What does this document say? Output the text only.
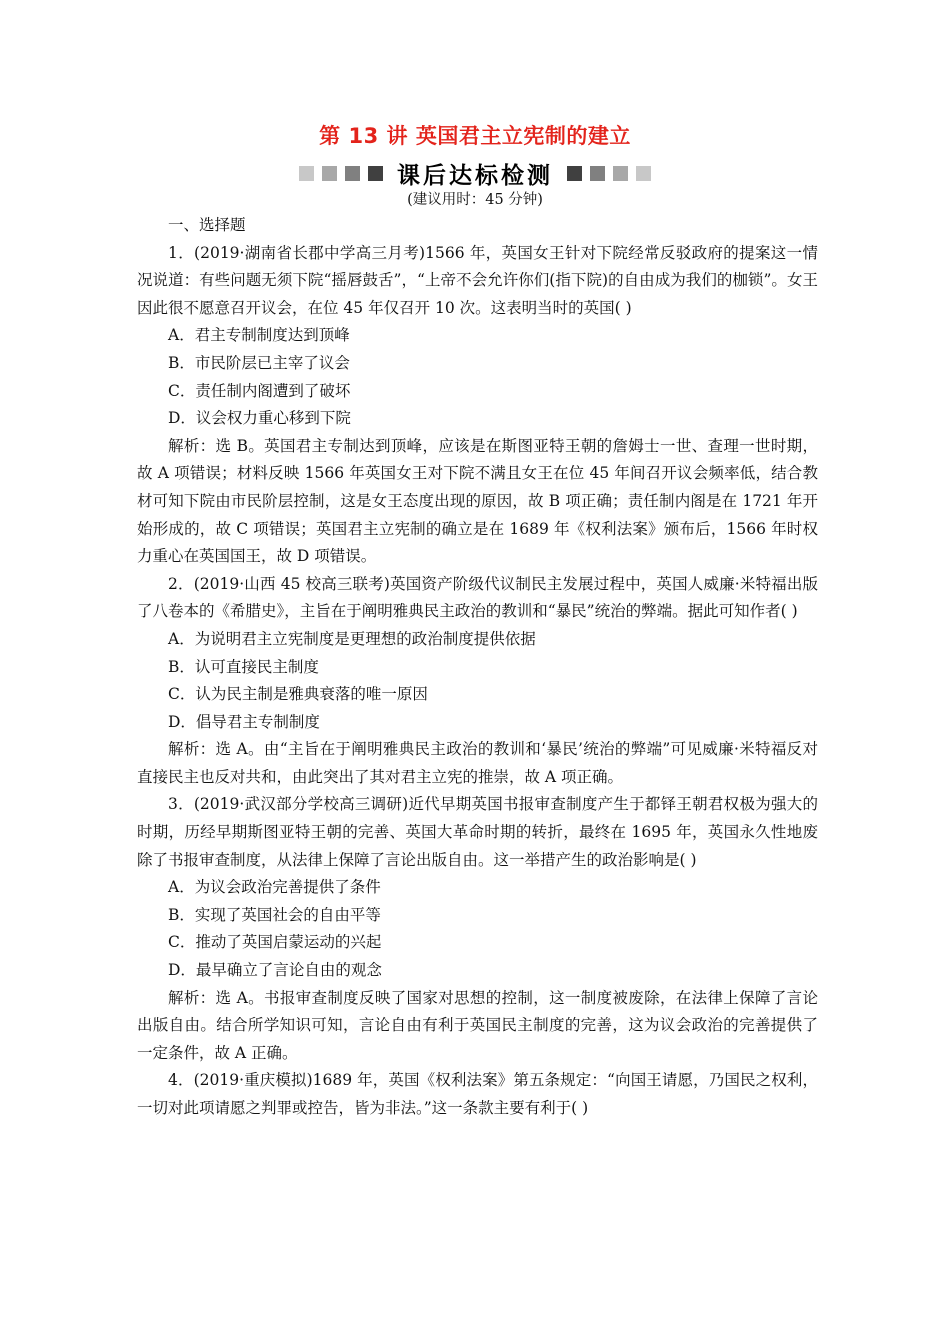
第 13 讲 英国君主立宪制的建立
课后达标检测
(建议用时：45 分钟)

一、选择题

1．(2019·湖南省长郡中学高三月考)1566 年，英国女王针对下院经常反驳政府的提案这一情况说道：有些问题无须下院“摇唇鼓舌”，“上帝不会允许你们(指下院)的自由成为我们的枷锁”。女王因此很不愿意召开议会，在位 45 年仅召开 10 次。这表明当时的英国( )

A．君主专制制度达到顶峰

B．市民阶层已主宰了议会

C．责任制内阁遭到了破坏

D．议会权力重心移到下院

解析：选 B。英国君主专制达到顶峰，应该是在斯图亚特王朝的詹姆士一世、查理一世时期，故 A 项错误；材料反映 1566 年英国女王对下院不满且女王在位 45 年间召开议会频率低，结合教材可知下院由市民阶层控制，这是女王态度出现的原因，故 B 项正确；责任制内阁是在 1721 年开始形成的，故 C 项错误；英国君主立宪制的确立是在 1689 年《权利法案》颁布后，1566 年时权力重心在英国国王，故 D 项错误。

2．(2019·山西 45 校高三联考)英国资产阶级代议制民主发展过程中，英国人威廉·米特福出版了八卷本的《希腊史》，主旨在于阐明雅典民主政治的教训和“暴民”统治的弊端。据此可知作者( )

A．为说明君主立宪制度是更理想的政治制度提供依据

B．认可直接民主制度

C．认为民主制是雅典衰落的唯一原因

D．倡导君主专制制度

解析：选 A。由“主旨在于阐明雅典民主政治的教训和‘暴民’统治的弊端”可见威廉·米特福反对直接民主也反对共和，由此突出了其对君主立宪的推崇，故 A 项正确。

3．(2019·武汉部分学校高三调研)近代早期英国书报审查制度产生于都铎王朝君权极为强大的时期，历经早期斯图亚特王朝的完善、英国大革命时期的转折，最终在 1695 年，英国永久性地废除了书报审查制度，从法律上保障了言论出版自由。这一举措产生的政治影响是( )

A．为议会政治完善提供了条件

B．实现了英国社会的自由平等

C．推动了英国启蒙运动的兴起

D．最早确立了言论自由的观念

解析：选 A。书报审查制度反映了国家对思想的控制，这一制度被废除，在法律上保障了言论出版自由。结合所学知识可知，言论自由有利于英国民主制度的完善，这为议会政治的完善提供了一定条件，故 A 正确。

4．(2019·重庆模拟)1689 年，英国《权利法案》第五条规定：“向国王请愿，乃国民之权利，一切对此项请愿之判罪或控告，皆为非法。”这一条款主要有利于( )
